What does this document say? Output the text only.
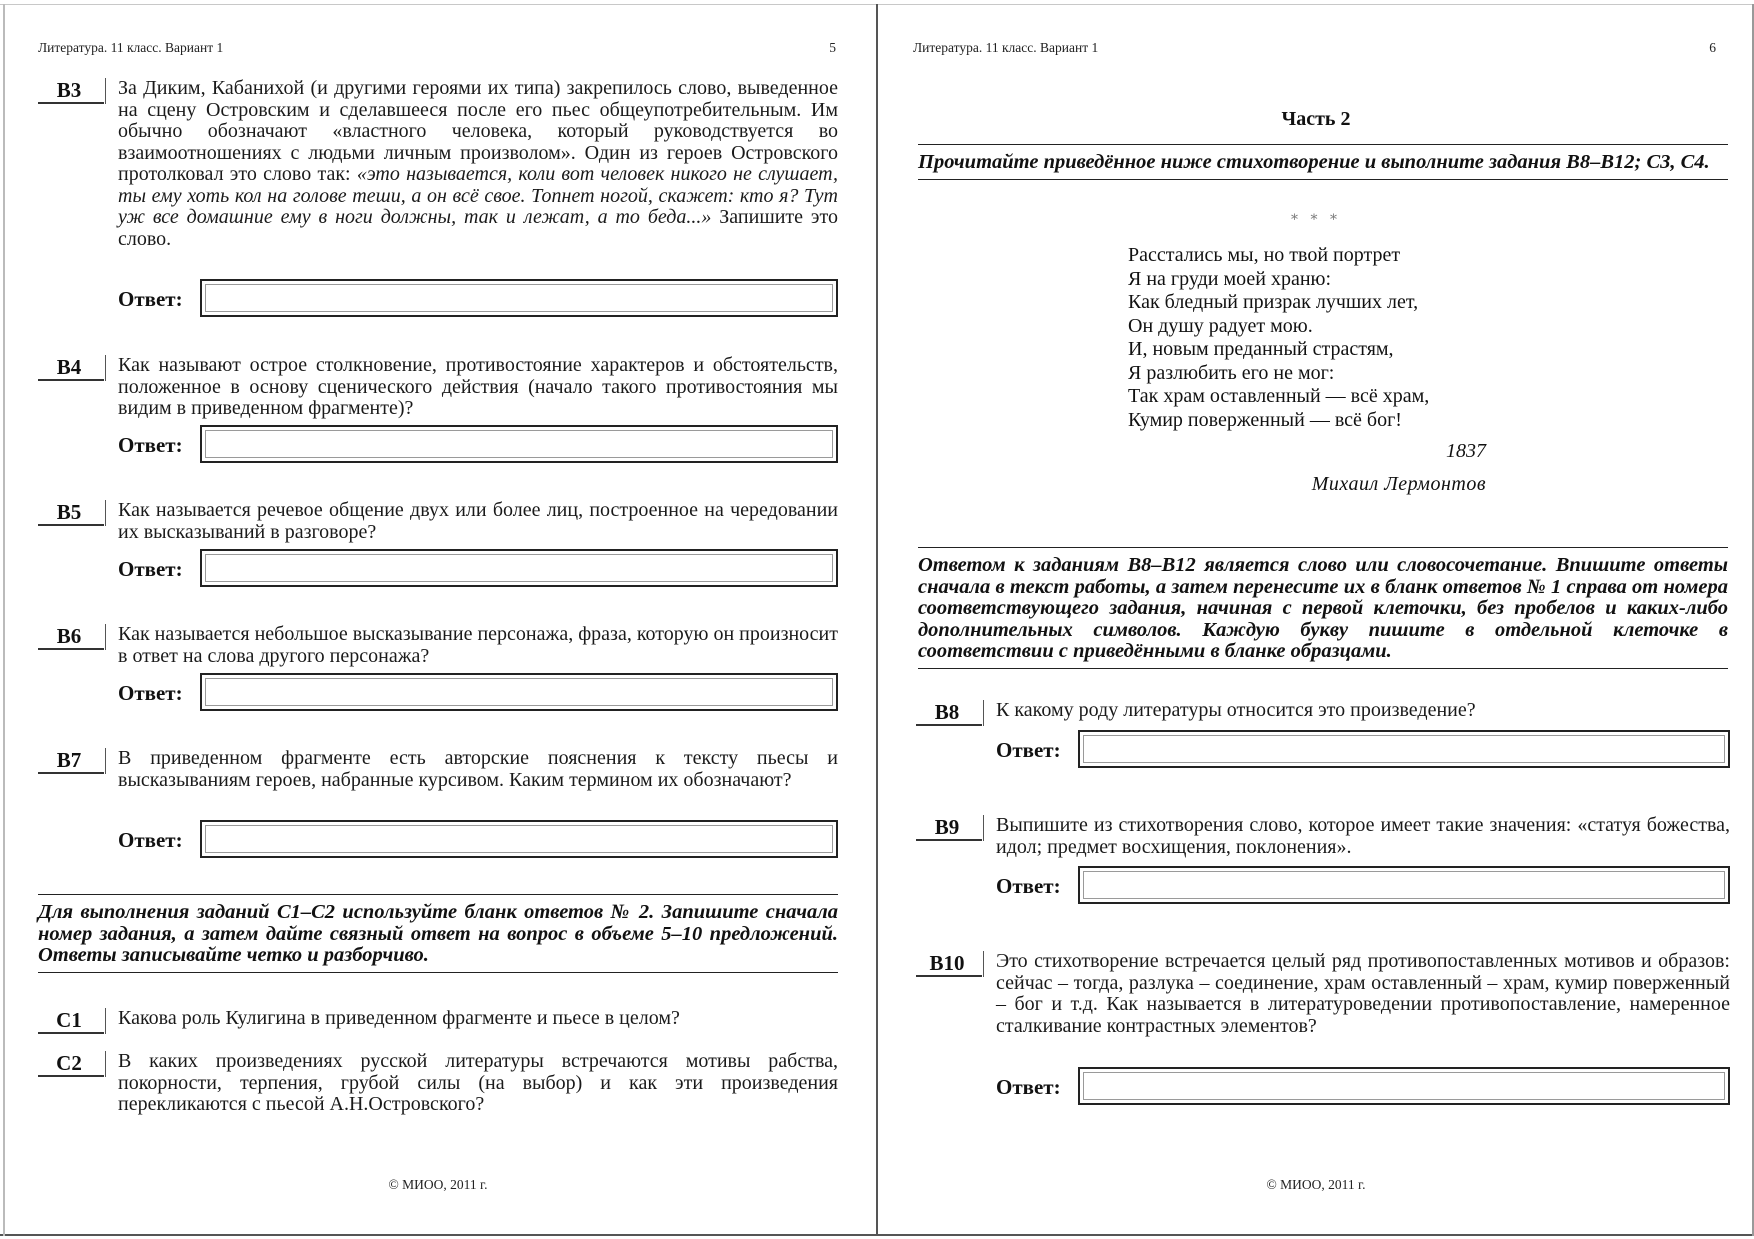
Литература. 11 класс. Вариант 1	5
B3	За Диким, Кабанихой (и другими героями их типа) закрепилось слово, выведенное на сцену Островским и сделавшееся после его пьес общеупотребительным. Им обычно обозначают «властного человека, который руководствуется во взаимоотношениях с людьми личным произволом». Один из героев Островского протолковал это слово так: «это называется, коли вот человек никого не слушает, ты ему хоть кол на голове теши, а он всё свое. Топнет ногой, скажет: кто я? Тут уж все домашние ему в ноги должны, так и лежат, а то беда...» Запишите это слово.
Ответ:
B4	Как называют острое столкновение, противостояние характеров и обстоятельств, положенное в основу сценического действия (начало такого противостояния мы видим в приведенном фрагменте)?
Ответ:
B5	Как называется речевое общение двух или более лиц, построенное на чередовании их высказываний в разговоре?
Ответ:
B6	Как называется небольшое высказывание персонажа, фраза, которую он произносит в ответ на слова другого персонажа?
Ответ:
B7	В приведенном фрагменте есть авторские пояснения к тексту пьесы и высказываниям героев, набранные курсивом. Каким термином их обозначают?
Ответ:
Для выполнения заданий С1–С2 используйте бланк ответов № 2. Запишите сначала номер задания, а затем дайте связный ответ на вопрос в объеме 5–10 предложений. Ответы записывайте четко и разборчиво.
C1	Какова роль Кулигина в приведенном фрагменте и пьесе в целом?
C2	В каких произведениях русской литературы встречаются мотивы рабства, покорности, терпения, грубой силы (на выбор) и как эти произведения перекликаются с пьесой А.Н.Островского?
© МИОО, 2011 г.
Литература. 11 класс. Вариант 1	6
Часть 2
Прочитайте приведённое ниже стихотворение и выполните задания В8–В12; С3, С4.
* * *
Расстались мы, но твой портрет
Я на груди моей храню:
Как бледный призрак лучших лет,
Он душу радует мою.
И, новым преданный страстям,
Я разлюбить его не мог:
Так храм оставленный — всё храм,
Кумир поверженный — всё бог!
1837
Михаил Лермонтов
Ответом к заданиям В8–В12 является слово или словосочетание. Впишите ответы сначала в текст работы, а затем перенесите их в бланк ответов № 1 справа от номера соответствующего задания, начиная с первой клеточки, без пробелов и каких-либо дополнительных символов. Каждую букву пишите в отдельной клеточке в соответствии с приведёнными в бланке образцами.
B8	К какому роду литературы относится это произведение?
Ответ:
B9	Выпишите из стихотворения слово, которое имеет такие значения: «статуя божества, идол; предмет восхищения, поклонения».
Ответ:
B10	Это стихотворение встречается целый ряд противопоставленных мотивов и образов: сейчас – тогда, разлука – соединение, храм оставленный – храм, кумир поверженный – бог и т.д. Как называется в литературоведении противопоставление, намеренное сталкивание контрастных элементов?
Ответ:
© МИОО, 2011 г.
